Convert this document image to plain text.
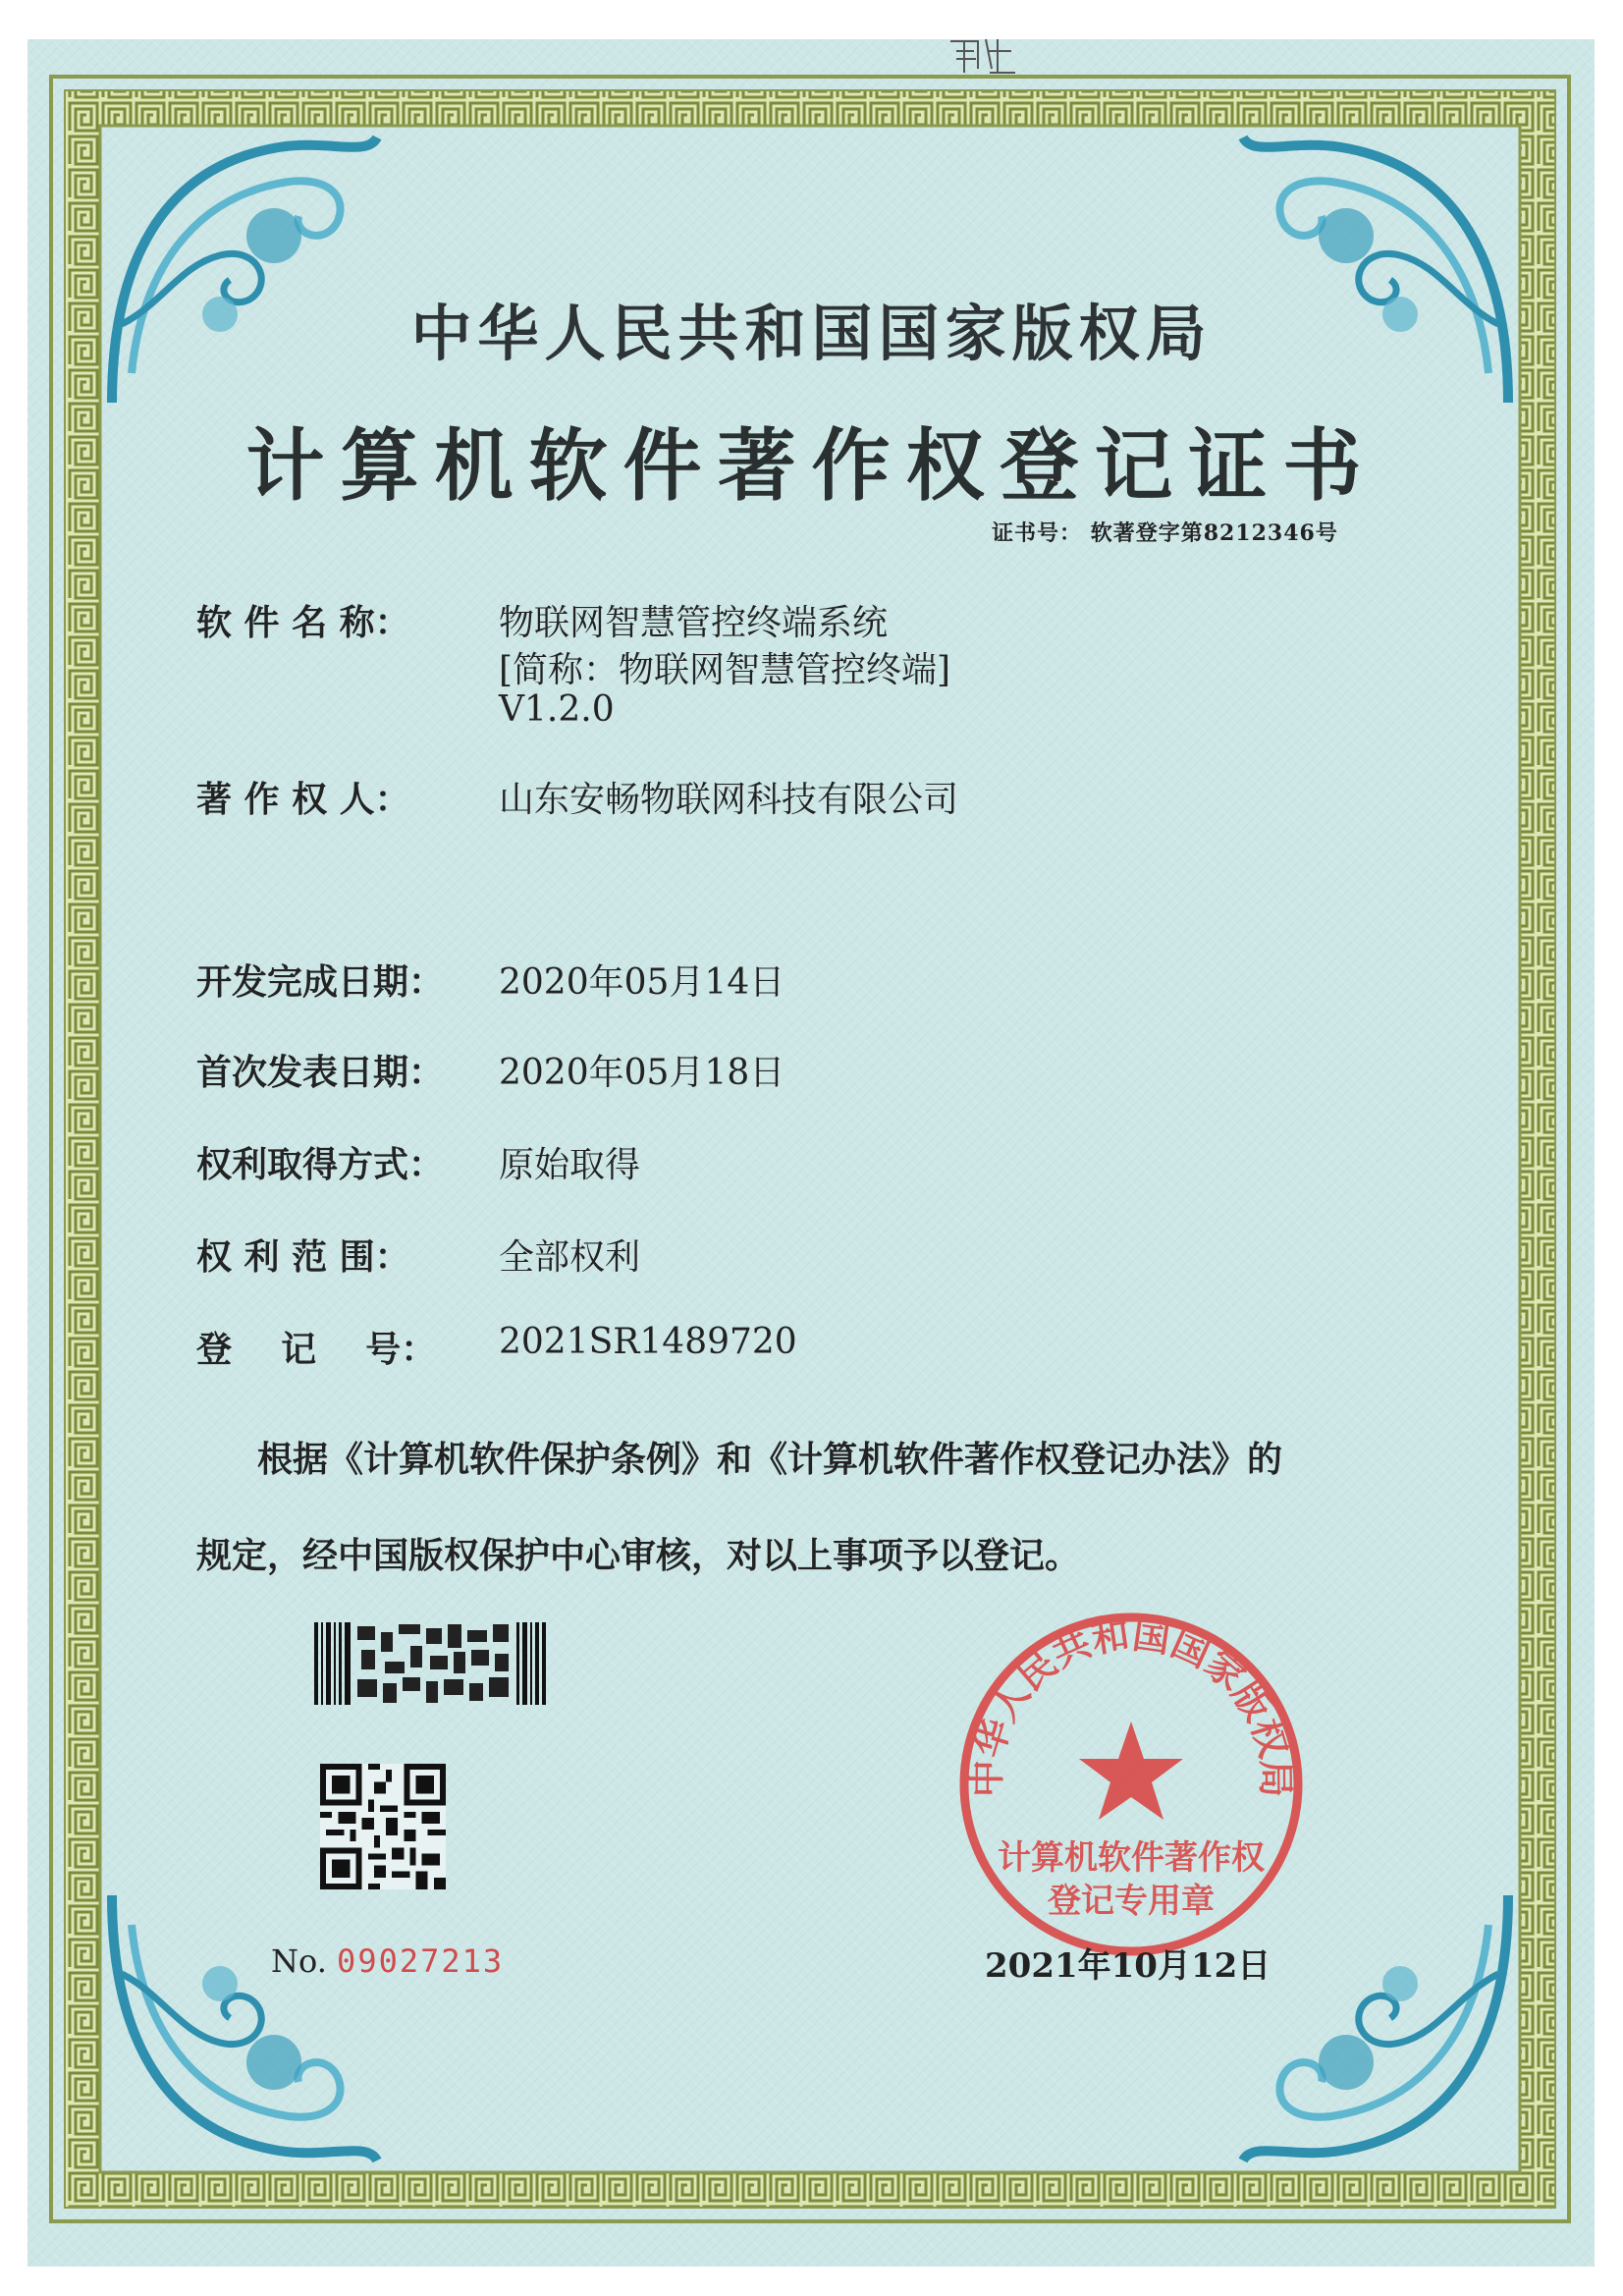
中华人民共和国国家版权局
计算机软件著作权登记证书
证书号： 软著登字第8212346号
软 件 名 称：	物联网智慧管控终端系统
[简称：物联网智慧管控终端]
V1.2.0
著 作 权 人：	山东安畅物联网科技有限公司
开发完成日期： 2020年05月14日
首次发表日期： 2020年05月18日
权利取得方式： 原始取得
权 利 范 围：	全部权利
登    记    号： 2021SR1489720
根据《计算机软件保护条例》和《计算机软件著作权登记办法》的
规定，经中国版权保护中心审核，对以上事项予以登记。
No. 09027213
中华人民共和国国家版权局
计算机软件著作权
登记专用章
2021年10月12日
